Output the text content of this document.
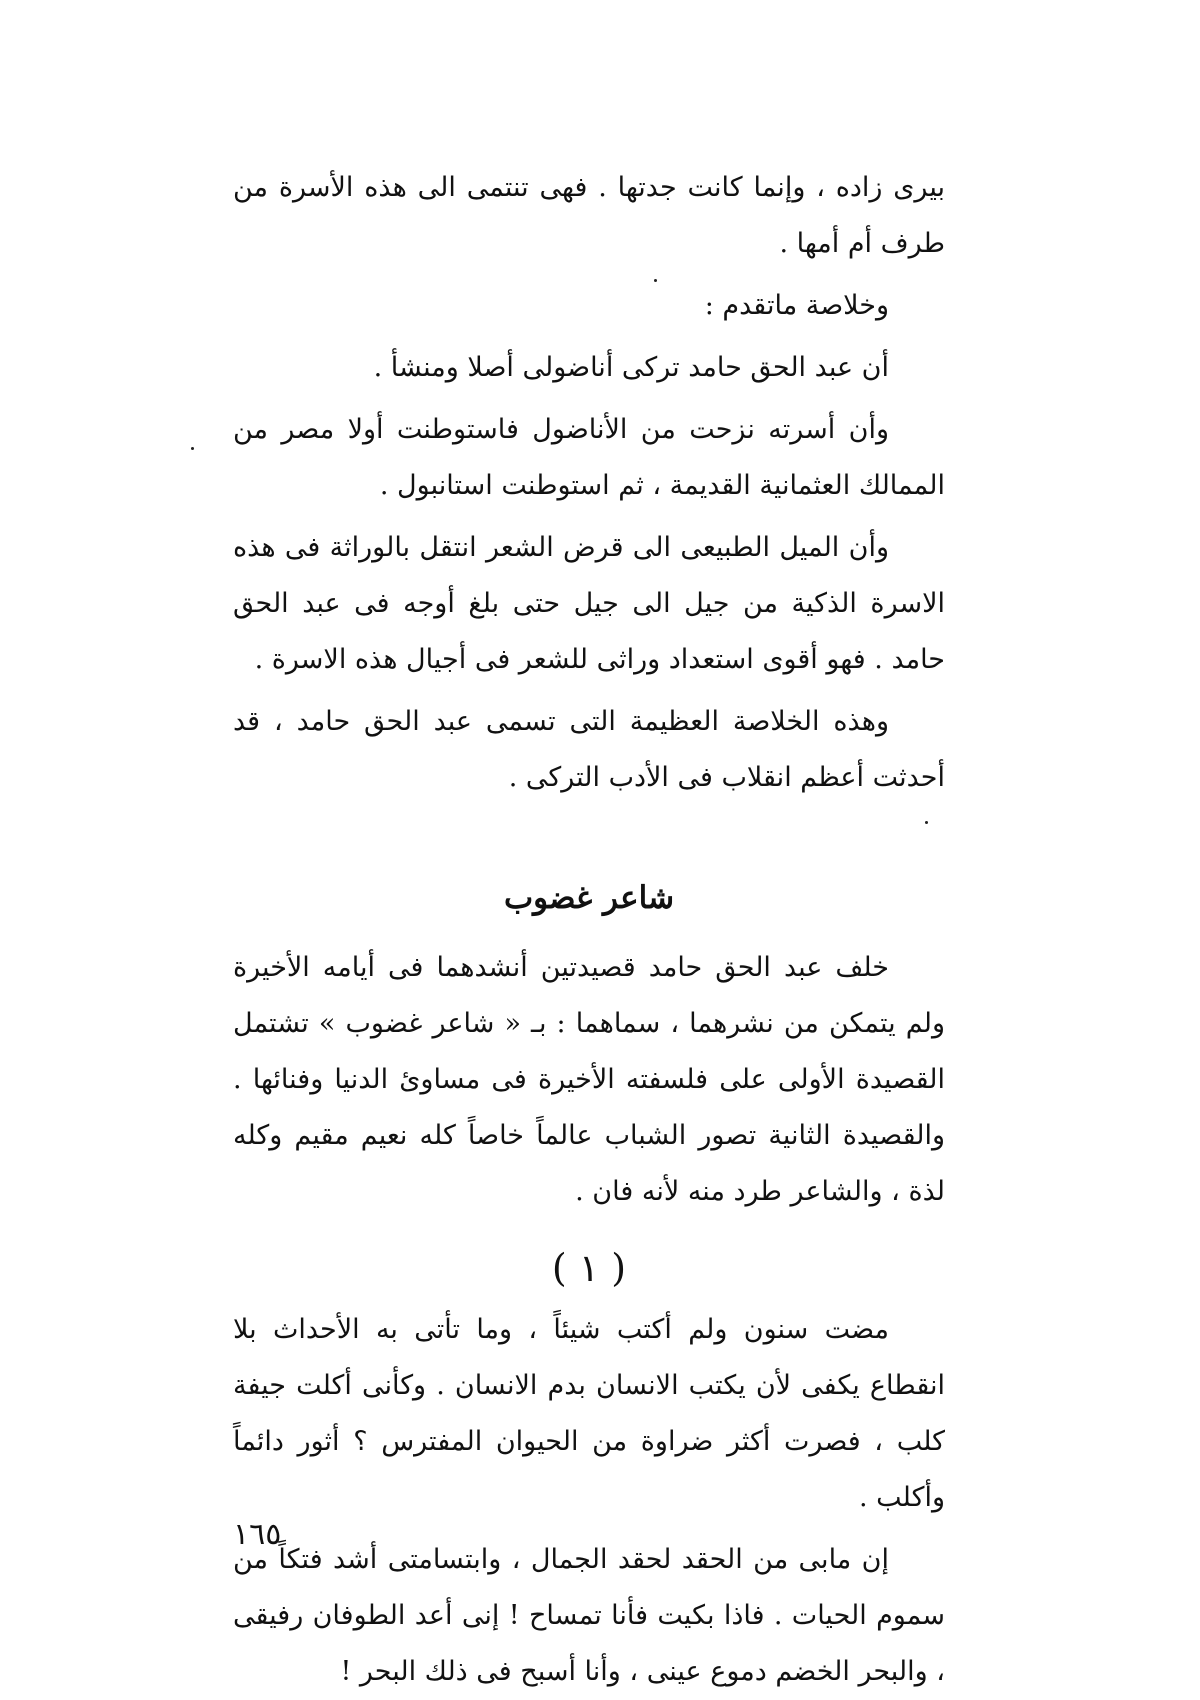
بيرى زاده ، وإنما كانت جدتها . فهى تنتمى الى هذه الأسرة من طرف أم أمها .

وخلاصة ماتقدم :

أن عبد الحق حامد تركى أناضولى أصلا ومنشأ .

وأن أسرته نزحت من الأناضول فاستوطنت أولا مصر من الممالك العثمانية القديمة ، ثم استوطنت استانبول .

وأن الميل الطبيعى الى قرض الشعر انتقل بالوراثة فى هذه الاسرة الذكية من جيل الى جيل حتى بلغ أوجه فى عبد الحق حامد . فهو أقوى استعداد وراثى للشعر فى أجيال هذه الاسرة .

وهذه الخلاصة العظيمة التى تسمى عبد الحق حامد ، قد أحدثت أعظم انقلاب فى الأدب التركى .

شاعر غضوب

خلف عبد الحق حامد قصيدتين أنشدهما فى أيامه الأخيرة ولم يتمكن من نشرهما ، سماهما : بـ « شاعر غضوب » تشتمل القصيدة الأولى على فلسفته الأخيرة فى مساوئ الدنيا وفنائها . والقصيدة الثانية تصور الشباب عالماً خاصاً كله نعيم مقيم وكله لذة ، والشاعر طرد منه لأنه فان .

( ١ )

مضت سنون ولم أكتب شيئاً ، وما تأتى به الأحداث بلا انقطاع يكفى لأن يكتب الانسان بدم الانسان . وكأنى أكلت جيفة كلب ، فصرت أكثر ضراوة من الحيوان المفترس ؟ أثور دائماً وأكلب .

إن مابى من الحقد لحقد الجمال ، وابتسامتى أشد فتكاً من سموم الحيات . فاذا بكيت فأنا تمساح ! إنى أعد الطوفان رفيقى ، والبحر الخضم دموع عينى ، وأنا أسبح فى ذلك البحر !

١٦٥
